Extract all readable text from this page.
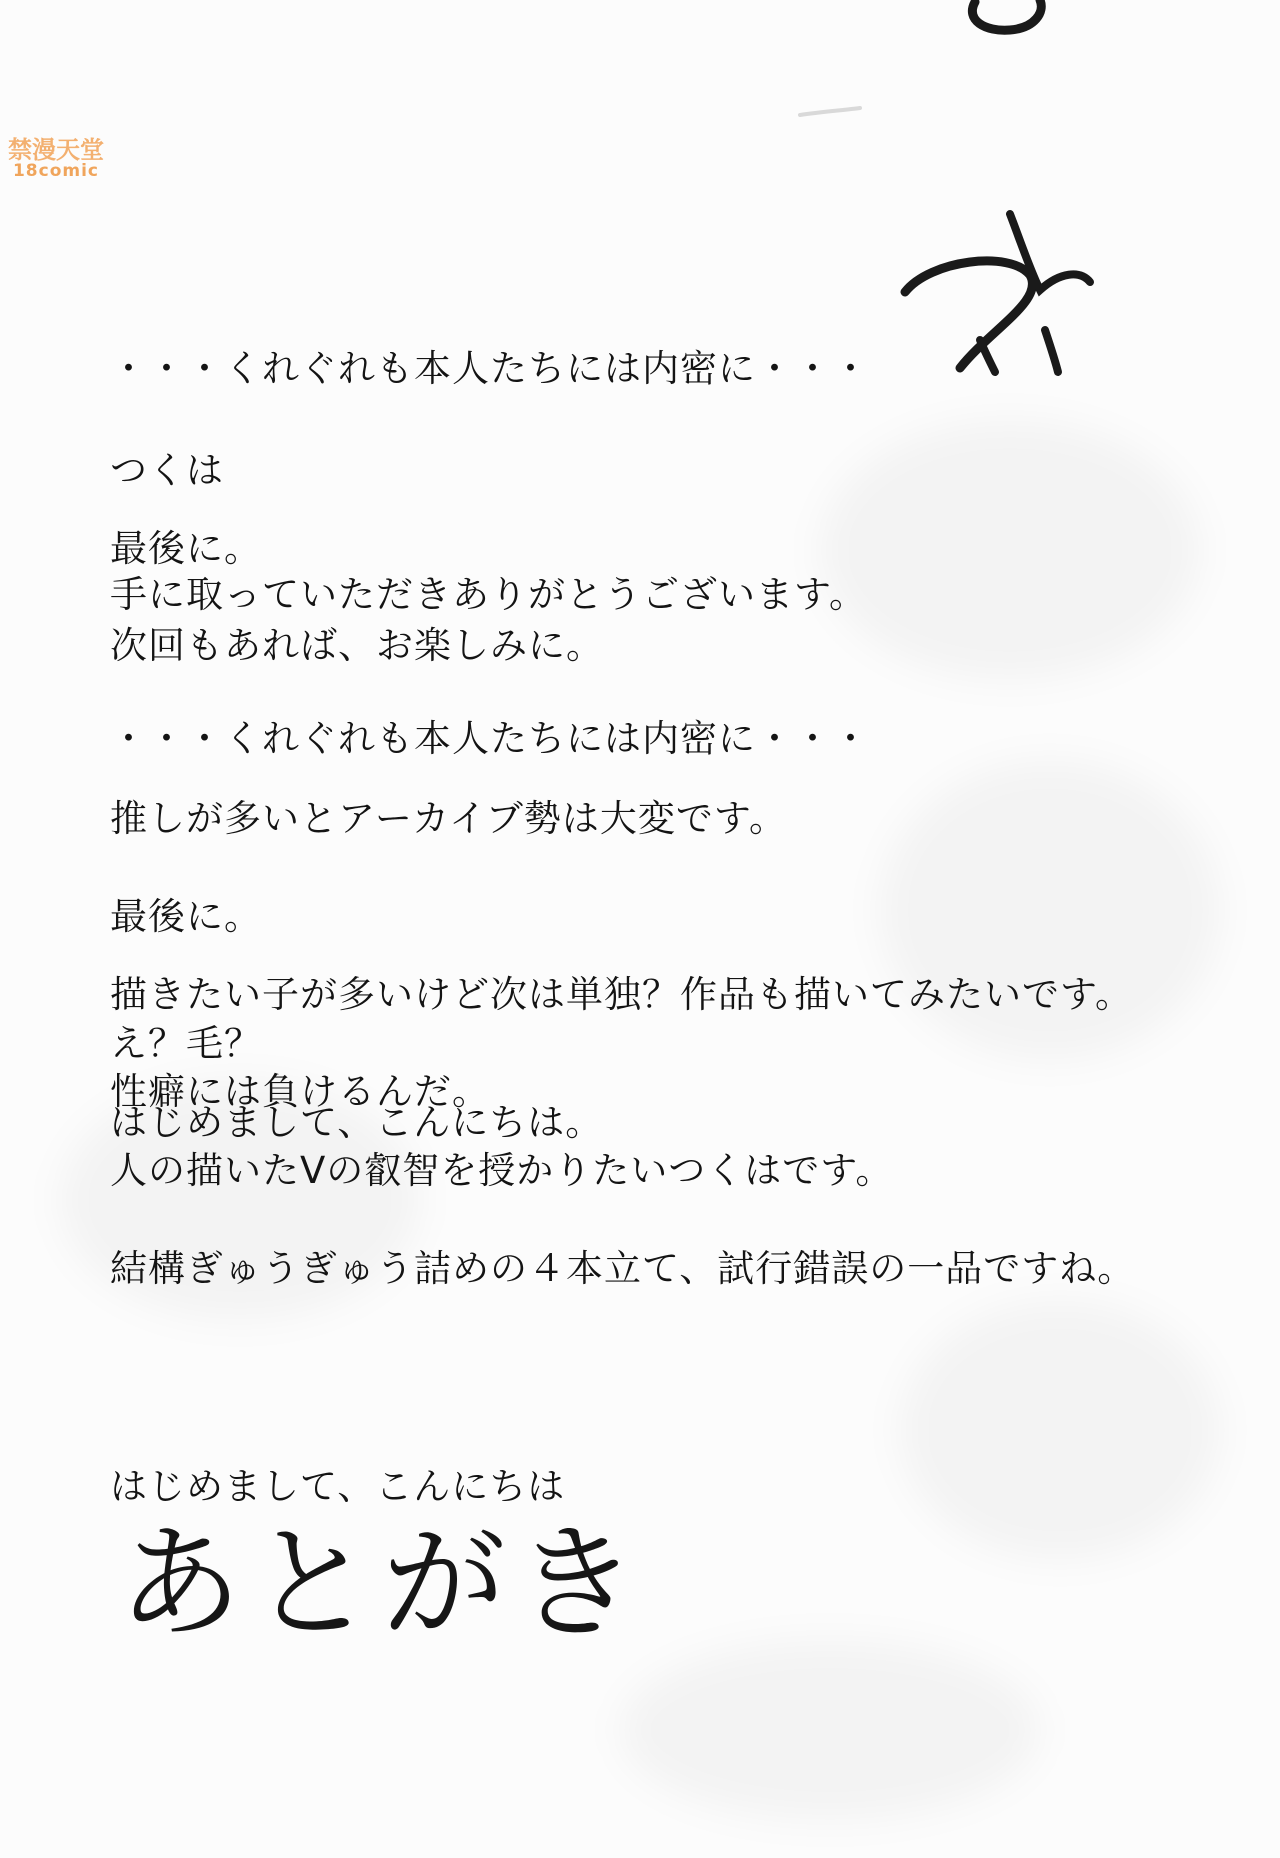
禁漫天堂
18comic
・・・くれぐれも本人たちには内密に・・・
つくは
最後に。
手に取っていただきありがとうございます。
次回もあれば、お楽しみに。
・・・くれぐれも本人たちには内密に・・・
推しが多いとアーカイブ勢は大変です。
最後に。
描きたい子が多いけど次は単独？作品も描いてみたいです。
え？毛？
性癖には負けるんだ。
はじめまして、こんにちは。
人の描いたVの叡智を授かりたいつくはです。
結構ぎゅうぎゅう詰めの４本立て、試行錯誤の一品ですね。
はじめまして、こんにちは
あとがき
